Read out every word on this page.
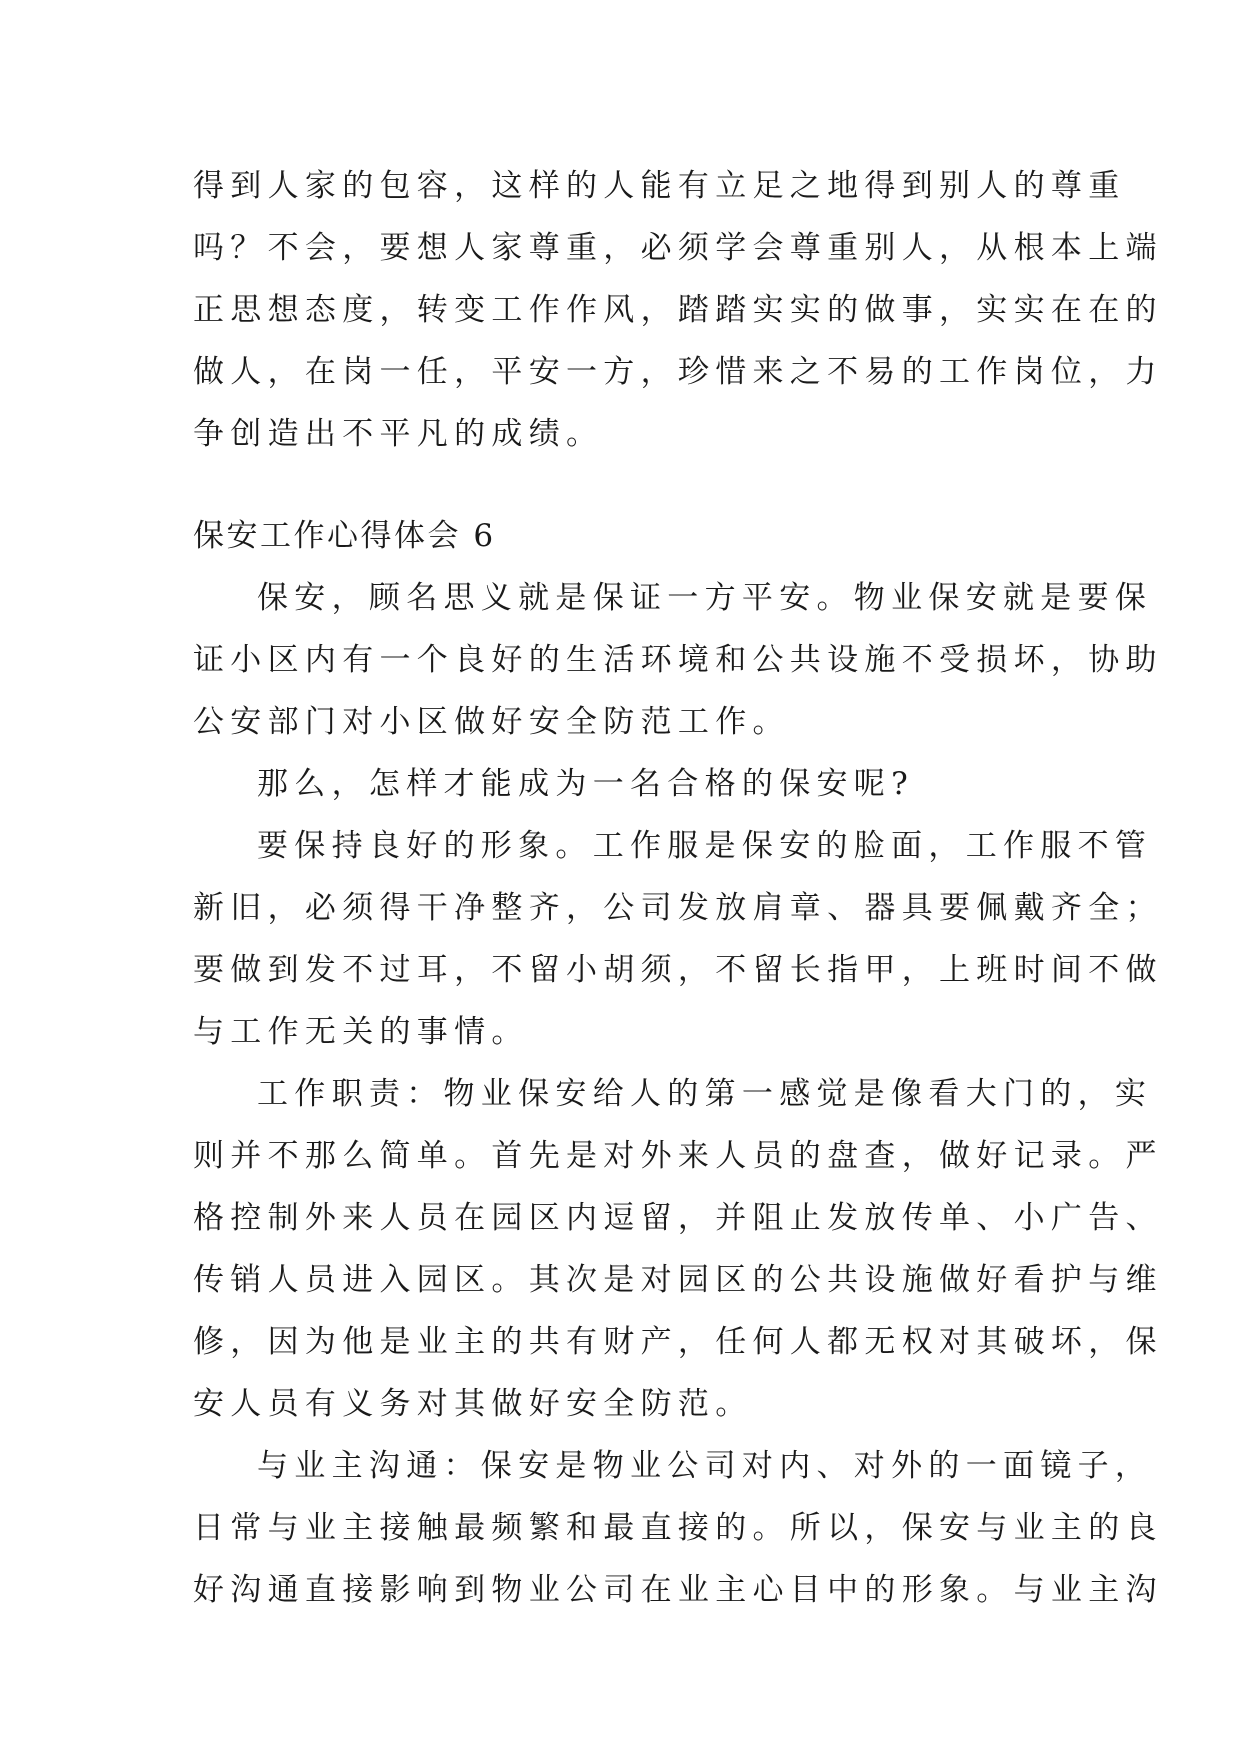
得到人家的包容，这样的人能有立足之地得到别人的尊重
吗？不会，要想人家尊重，必须学会尊重别人，从根本上端
正思想态度，转变工作作风，踏踏实实的做事，实实在在的
做人，在岗一任，平安一方，珍惜来之不易的工作岗位，力
争创造出不平凡的成绩。
保安工作心得体会 6
保安，顾名思义就是保证一方平安。物业保安就是要保
证小区内有一个良好的生活环境和公共设施不受损坏，协助
公安部门对小区做好安全防范工作。
那么，怎样才能成为一名合格的保安呢?
要保持良好的形象。工作服是保安的脸面，工作服不管
新旧，必须得干净整齐，公司发放肩章、器具要佩戴齐全；
要做到发不过耳，不留小胡须，不留长指甲，上班时间不做
与工作无关的事情。
工作职责：物业保安给人的第一感觉是像看大门的，实
则并不那么简单。首先是对外来人员的盘查，做好记录。严
格控制外来人员在园区内逗留，并阻止发放传单、小广告、
传销人员进入园区。其次是对园区的公共设施做好看护与维
修，因为他是业主的共有财产，任何人都无权对其破坏，保
安人员有义务对其做好安全防范。
与业主沟通：保安是物业公司对内、对外的一面镜子，
日常与业主接触最频繁和最直接的。所以，保安与业主的良
好沟通直接影响到物业公司在业主心目中的形象。与业主沟
